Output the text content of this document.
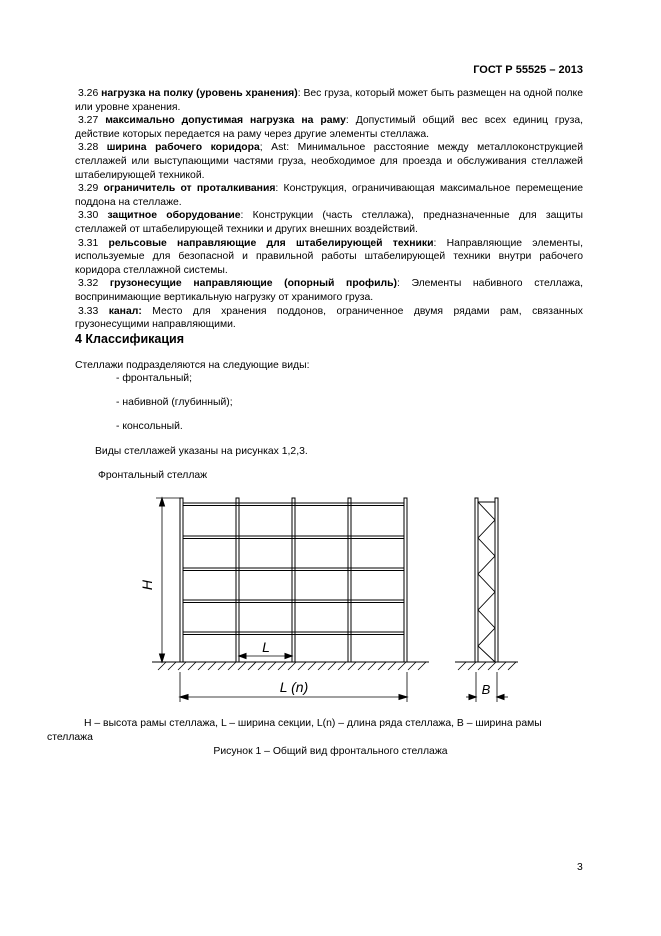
ГОСТ Р 55525 – 2013

3.26 нагрузка на полку (уровень хранения): Вес груза, который может быть размещен на одной полке или уровне хранения.

3.27 максимально допустимая нагрузка на раму: Допустимый общий вес всех единиц груза, действие которых передается на раму через другие элементы стеллажа.

3.28 ширина рабочего коридора; Ast: Минимальное расстояние между металлоконструкцией стеллажей или выступающими частями груза, необходимое для проезда и обслуживания стеллажей штабелирующей техникой.

3.29 ограничитель от проталкивания: Конструкция, ограничивающая максимальное перемещение поддона на стеллаже.

3.30 защитное оборудование: Конструкции (часть стеллажа), предназначенные для защиты стеллажей от штабелирующей техники и других внешних воздействий.

3.31 рельсовые направляющие для штабелирующей техники: Направляющие элементы, используемые для безопасной и правильной работы штабелирующей техники внутри рабочего коридора стеллажной системы.

3.32 грузонесущие направляющие (опорный профиль): Элементы набивного стеллажа, воспринимающие вертикальную нагрузку от хранимого груза.

3.33 канал: Место для хранения поддонов, ограниченное двумя рядами рам, связанных грузонесущими направляющими.

4 Классификация
Стеллажи подразделяются на следующие виды:
- фронтальный;
- набивной (глубинный);
- консольный.
Виды стеллажей указаны на рисунках 1,2,3.
Фронтальный стеллаж
H
L
L (n)	B
H – высота рамы стеллажа, L – ширина секции, L(n) – длина ряда стеллажа, B – ширина рамы стеллажа
Рисунок 1 – Общий вид фронтального стеллажа
3
